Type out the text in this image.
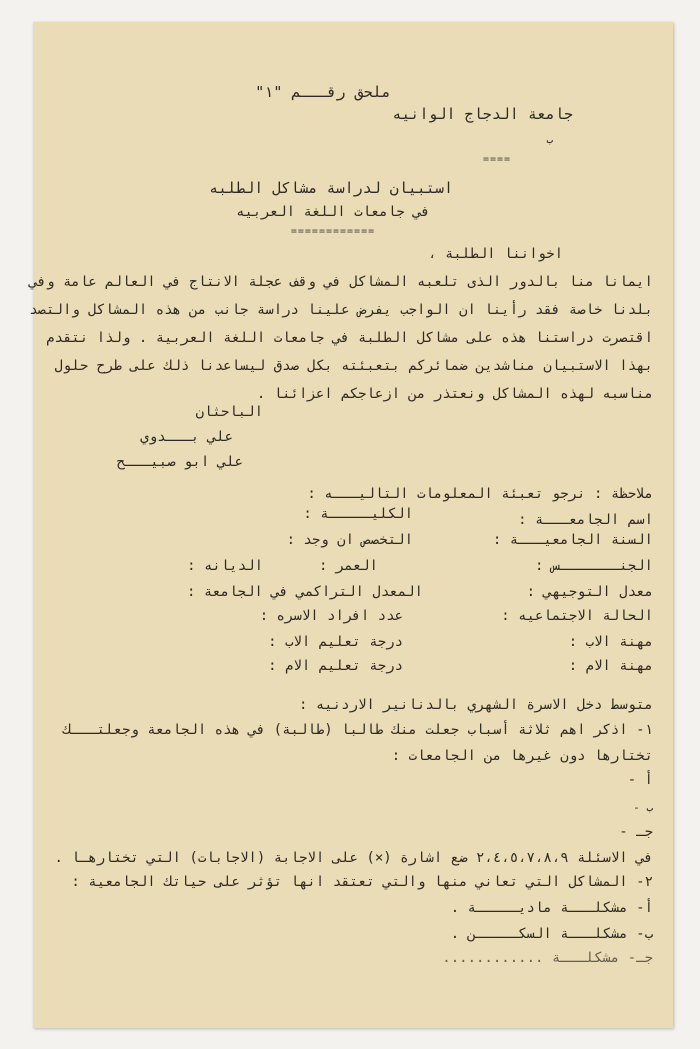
ملحق رقـــم "١"
جامعة الدجاج الوانيه
ب
====
استبيان لدراسة مشاكل الطلبه
في جامعات اللغة العربيه
============
اخواننا الطلبة ،
ايمانا منا بالدور الذى تلعبه المشاكل في وقف عجلة الانتاج في العالم عامة وفي
بلدنا خاصة فقد رأينا ان الواجب يفرض علينا دراسة جانب من هذه المشاكل والتصد
اقتصرت دراستنا هذه على مشاكل الطلبة في جامعات اللغة العربية . ولذا نتقدم
بهذا الاستبيان مناشدين ضمائركم بتعبئته بكل صدق ليساعدنا ذلك على طرح حلول
مناسبه لهذه المشاكل ونعتذر من ازعاجكم اعزائنا .
الباحثان
علي بـــدوي
علي ابو صبيـــح
ملاحظة : نرجو تعبئة المعلومات التاليـــه :
اسم الجامعـــة :
الكليـــــة :
السنة الجامعيـــة :
التخصص ان وجد :
الجنـــــــس :
العمر :
الديانه :
معدل التوجيهي :
المعدل التراكمي في الجامعة :
الحالة الاجتماعيه :
عدد افراد الاسره :
مهنة الاب :
درجة تعليم الاب :
مهنة الام :
درجة تعليم الام :
متوسط دخل الاسرة الشهري بالدنانير الاردنيه :
١- اذكر اهم ثلاثة أسباب جعلت منك طالبا (طالبة) في هذه الجامعة وجعلتـــك
تختارها دون غيرها من الجامعات :
أ -
ب -
جـ -
في الاسئلة ٢،٤،٥،٧،٨،٩ ضع اشارة (×) على الاجابة (الاجابات) التي تختارهـا .
٢- المشاكل التي تعاني منها والتي تعتقد انها تؤثر على حياتك الجامعية :
أ- مشكلـــة ماديـــــة .
ب- مشكلـــة السكـــــن .
جـ- مشكلـــة ............
